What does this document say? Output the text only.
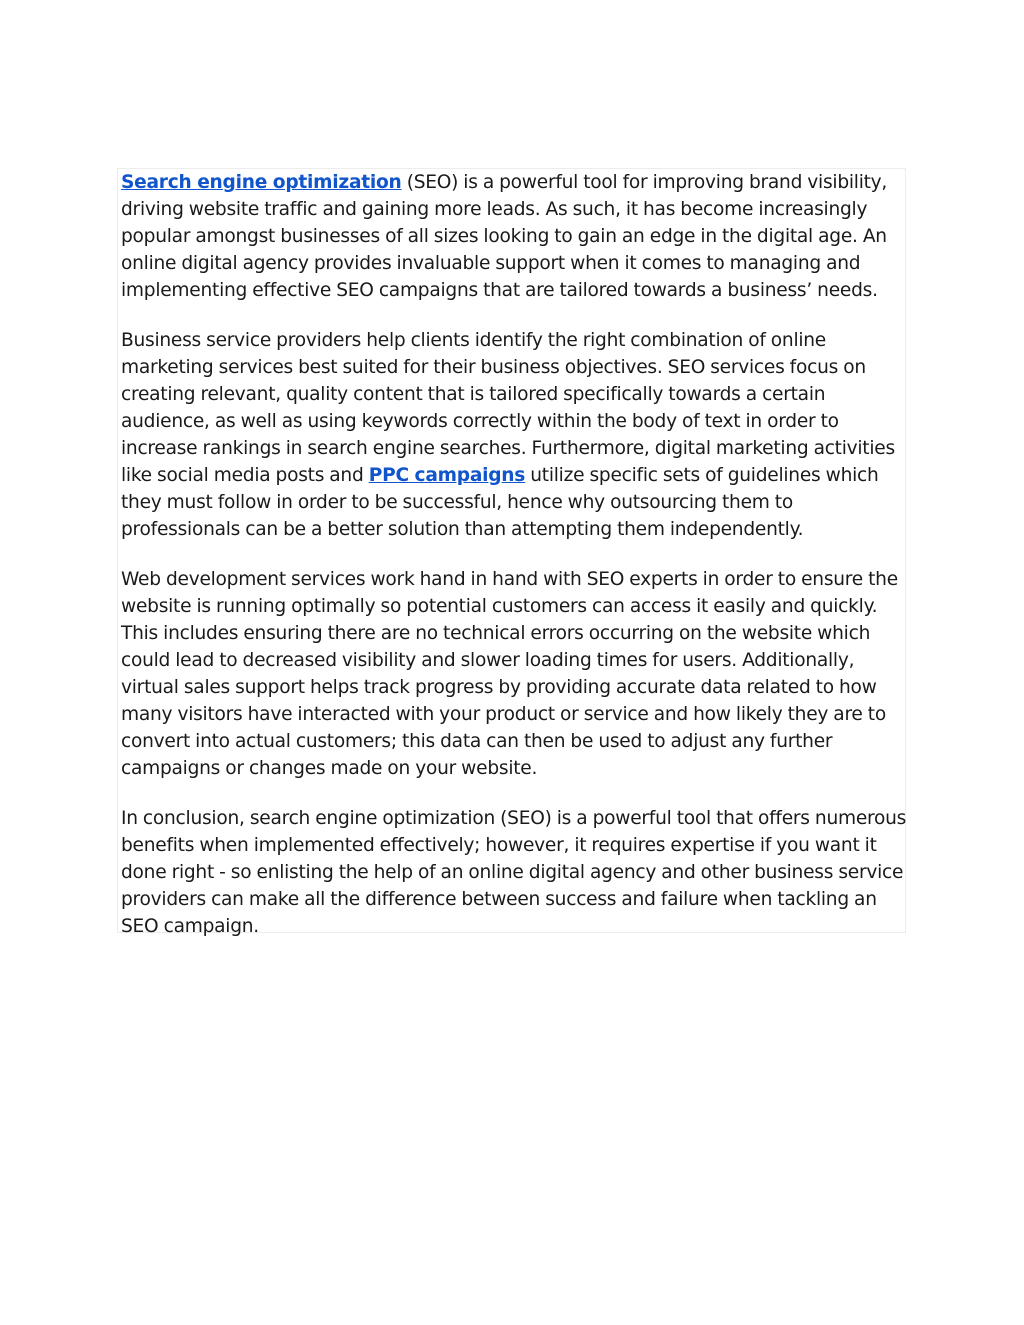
Search engine optimization (SEO) is a powerful tool for improving brand visibility, driving website traffic and gaining more leads. As such, it has become increasingly popular amongst businesses of all sizes looking to gain an edge in the digital age. An online digital agency provides invaluable support when it comes to managing and implementing effective SEO campaigns that are tailored towards a business’ needs.

Business service providers help clients identify the right combination of online marketing services best suited for their business objectives. SEO services focus on creating relevant, quality content that is tailored specifically towards a certain audience, as well as using keywords correctly within the body of text in order to increase rankings in search engine searches. Furthermore, digital marketing activities like social media posts and PPC campaigns utilize specific sets of guidelines which they must follow in order to be successful, hence why outsourcing them to professionals can be a better solution than attempting them independently.

Web development services work hand in hand with SEO experts in order to ensure the website is running optimally so potential customers can access it easily and quickly. This includes ensuring there are no technical errors occurring on the website which could lead to decreased visibility and slower loading times for users. Additionally, virtual sales support helps track progress by providing accurate data related to how many visitors have interacted with your product or service and how likely they are to convert into actual customers; this data can then be used to adjust any further campaigns or changes made on your website.

In conclusion, search engine optimization (SEO) is a powerful tool that offers numerous benefits when implemented effectively; however, it requires expertise if you want it done right - so enlisting the help of an online digital agency and other business service providers can make all the difference between success and failure when tackling an SEO campaign.
